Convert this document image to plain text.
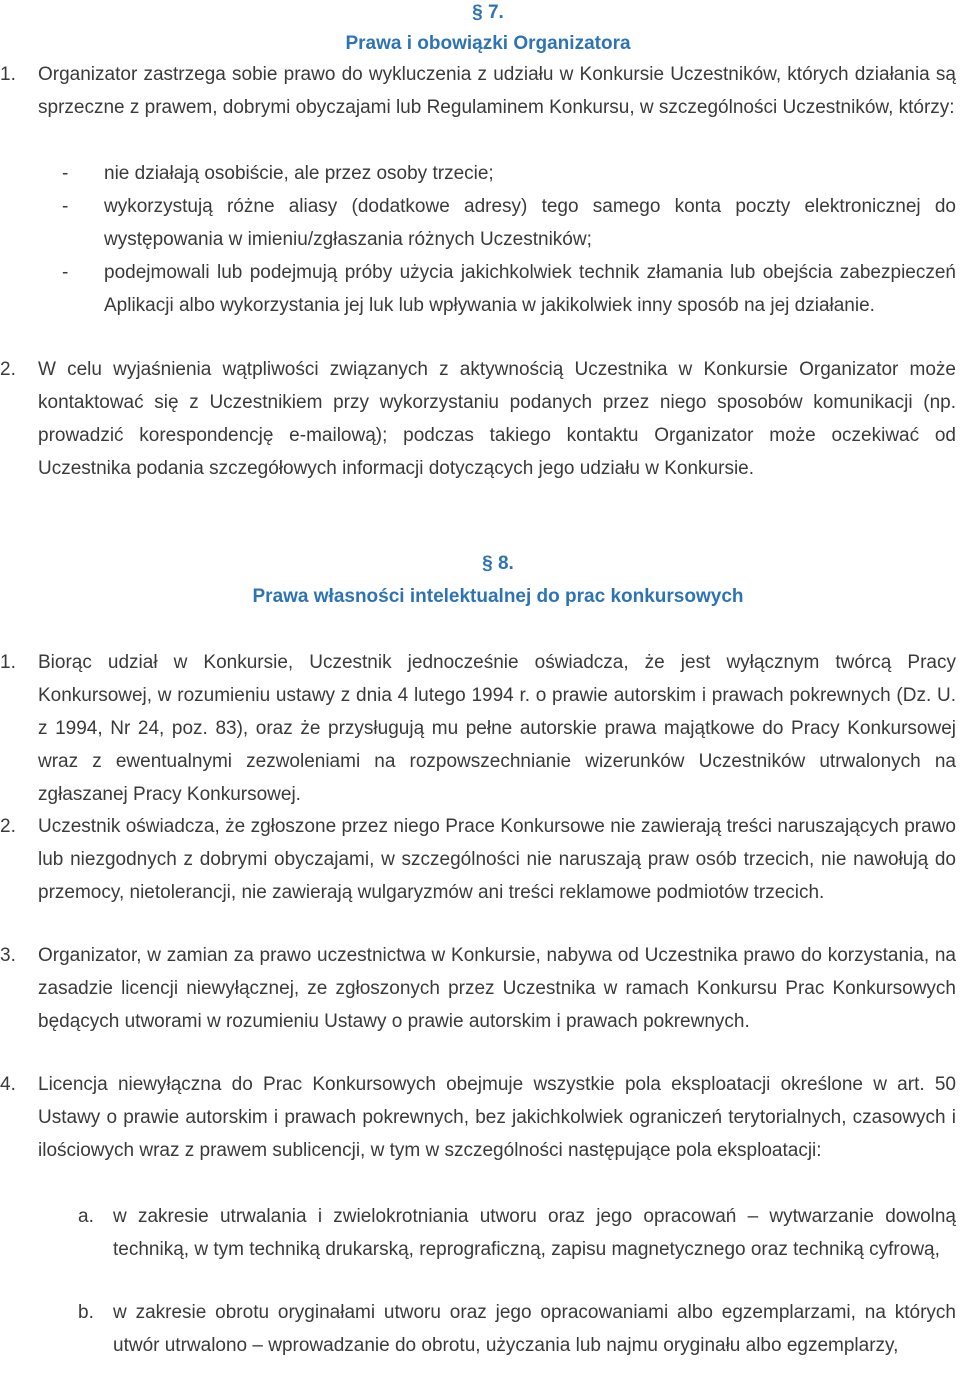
§ 7.
Prawa i obowiązki Organizatora
1.	Organizator zastrzega sobie prawo do wykluczenia z udziału w Konkursie Uczestników, których działania są sprzeczne z prawem, dobrymi obyczajami lub Regulaminem Konkursu, w szczególności Uczestników, którzy:
- nie działają osobiście, ale przez osoby trzecie;
- wykorzystują różne aliasy (dodatkowe adresy) tego samego konta poczty elektronicznej do występowania w imieniu/zgłaszania różnych Uczestników;
- podejmowali lub podejmują próby użycia jakichkolwiek technik złamania lub obejścia zabezpieczeń Aplikacji albo wykorzystania jej luk lub wpływania w jakikolwiek inny sposób na jej działanie.
2.	W celu wyjaśnienia wątpliwości związanych z aktywnością Uczestnika w Konkursie Organizator może kontaktować się z Uczestnikiem przy wykorzystaniu podanych przez niego sposobów komunikacji (np. prowadzić korespondencję e-mailową); podczas takiego kontaktu Organizator może oczekiwać od Uczestnika podania szczegółowych informacji dotyczących jego udziału w Konkursie.
§ 8.
Prawa własności intelektualnej do prac konkursowych
1.	Biorąc udział w Konkursie, Uczestnik jednocześnie oświadcza, że jest wyłącznym twórcą Pracy Konkursowej, w rozumieniu ustawy z dnia 4 lutego 1994 r. o prawie autorskim i prawach pokrewnych (Dz. U. z 1994, Nr 24, poz. 83), oraz że przysługują mu pełne autorskie prawa majątkowe do Pracy Konkursowej wraz z ewentualnymi zezwoleniami na rozpowszechnianie wizerunków Uczestników utrwalonych na zgłaszanej Pracy Konkursowej.
2.	Uczestnik oświadcza, że zgłoszone przez niego Prace Konkursowe nie zawierają treści naruszających prawo lub niezgodnych z dobrymi obyczajami, w szczególności nie naruszają praw osób trzecich, nie nawołują do przemocy, nietolerancji, nie zawierają wulgaryzmów ani treści reklamowe podmiotów trzecich.
3.	Organizator, w zamian za prawo uczestnictwa w Konkursie, nabywa od Uczestnika prawo do korzystania, na zasadzie licencji niewyłącznej, ze zgłoszonych przez Uczestnika w ramach Konkursu Prac Konkursowych będących utworami w rozumieniu Ustawy o prawie autorskim i prawach pokrewnych.
4.	Licencja niewyłączna do Prac Konkursowych obejmuje wszystkie pola eksploatacji określone w art. 50 Ustawy o prawie autorskim i prawach pokrewnych, bez jakichkolwiek ograniczeń terytorialnych, czasowych i ilościowych wraz z prawem sublicencji, w tym w szczególności następujące pola eksploatacji:
a. w zakresie utrwalania i zwielokrotniania utworu oraz jego opracowań – wytwarzanie dowolną techniką, w tym techniką drukarską, reprograficzną, zapisu magnetycznego oraz techniką cyfrową,
b. w zakresie obrotu oryginałami utworu oraz jego opracowaniami albo egzemplarzami, na których utwór utrwalono – wprowadzanie do obrotu, użyczania lub najmu oryginału albo egzemplarzy,
